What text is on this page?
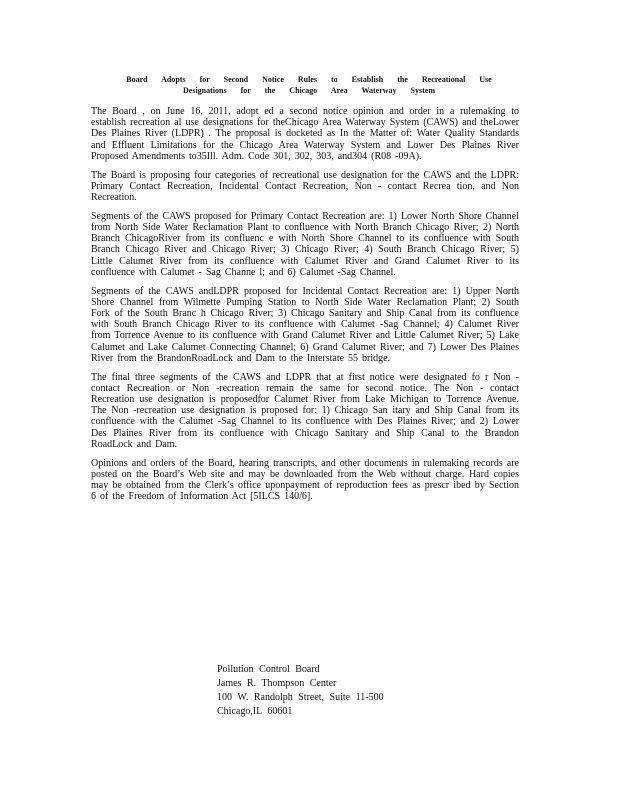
Board Adopts for Second Notice Rules to Establish the Recreational Use
Designations for the Chicago Area Waterway System

The Board , on June 16, 2011, adopt ed a second notice opinion and order in a rulemaking to establish recreation al use designations for theChicago Area Waterway System (CAWS) and theLower Des Plaines River (LDPR) . The proposal is docketed as In the Matter of: Water Quality Standards and Effluent Limitations for the Chicago Area Waterway System and Lower Des Plaines River Proposed Amendments to35Ill. Adm. Code 301, 302, 303, and304 (R08 -09A).

The Board is proposing four categories of recreational use designation for the CAWS and the LDPR: Primary Contact Recreation, Incidental Contact Recreation, Non - contact Recrea tion, and Non Recreation.

Segments of the CAWS proposed for Primary Contact Recreation are: 1) Lower North Shore Channel from North Side Water Reclamation Plant to confluence with North Branch Chicago River; 2) North Branch ChicagoRiver from its confluenc e with North Shore Channel to its confluence with South Branch Chicago River and Chicago River; 3) Chicago River; 4) South Branch Chicago River; 5) Little Calumet River from its confluence with Calumet River and Grand Calumet River to its confluence with Calumet - Sag Channe l; and 6) Calumet -Sag Channel.

Segments of the CAWS andLDPR proposed for Incidental Contact Recreation are: 1) Upper North Shore Channel from Wilmette Pumping Station to North Side Water Reclamation Plant; 2) South Fork of the South Branc h Chicago River; 3) Chicago Sanitary and Ship Canal from its confluence with South Branch Chicago River to its confluence with Calumet -Sag Channel; 4) Calumet River from Torrence Avenue to its confluence with Grand Calumet River and Little Calumet River; 5) Lake Calumet and Lake Calumet Connecting Channel; 6) Grand Calumet River; and 7) Lower Des Plaines River from the BrandonRoadLock and Dam to the Interstate 55 bridge.

The final three segments of the CAWS and LDPR that at first notice were designated fo r Non -contact Recreation or Non -recreation remain the same for second notice. The Non - contact Recreation use designation is proposedfor Calumet River from Lake Michigan to Torrence Avenue. The Non -recreation use designation is proposed for: 1) Chicago San itary and Ship Canal from its confluence with the Calumet -Sag Channel to its confluence with Des Plaines River; and 2) Lower Des Plaines River from its confluence with Chicago Sanitary and Ship Canal to the Brandon RoadLock and Dam.

Opinions and orders of the Board, hearing transcripts, and other documents in rulemaking records are posted on the Board’s Web site and may be downloaded from the Web without charge. Hard copies may be obtained from the Clerk’s office uponpayment of reproduction fees as prescr ibed by Section 6 of the Freedom of Information Act [5ILCS 140/6].

Pollution Control Board
James R. Thompson Center
100 W. Randolph Street, Suite 11-500
Chicago,IL 60601
